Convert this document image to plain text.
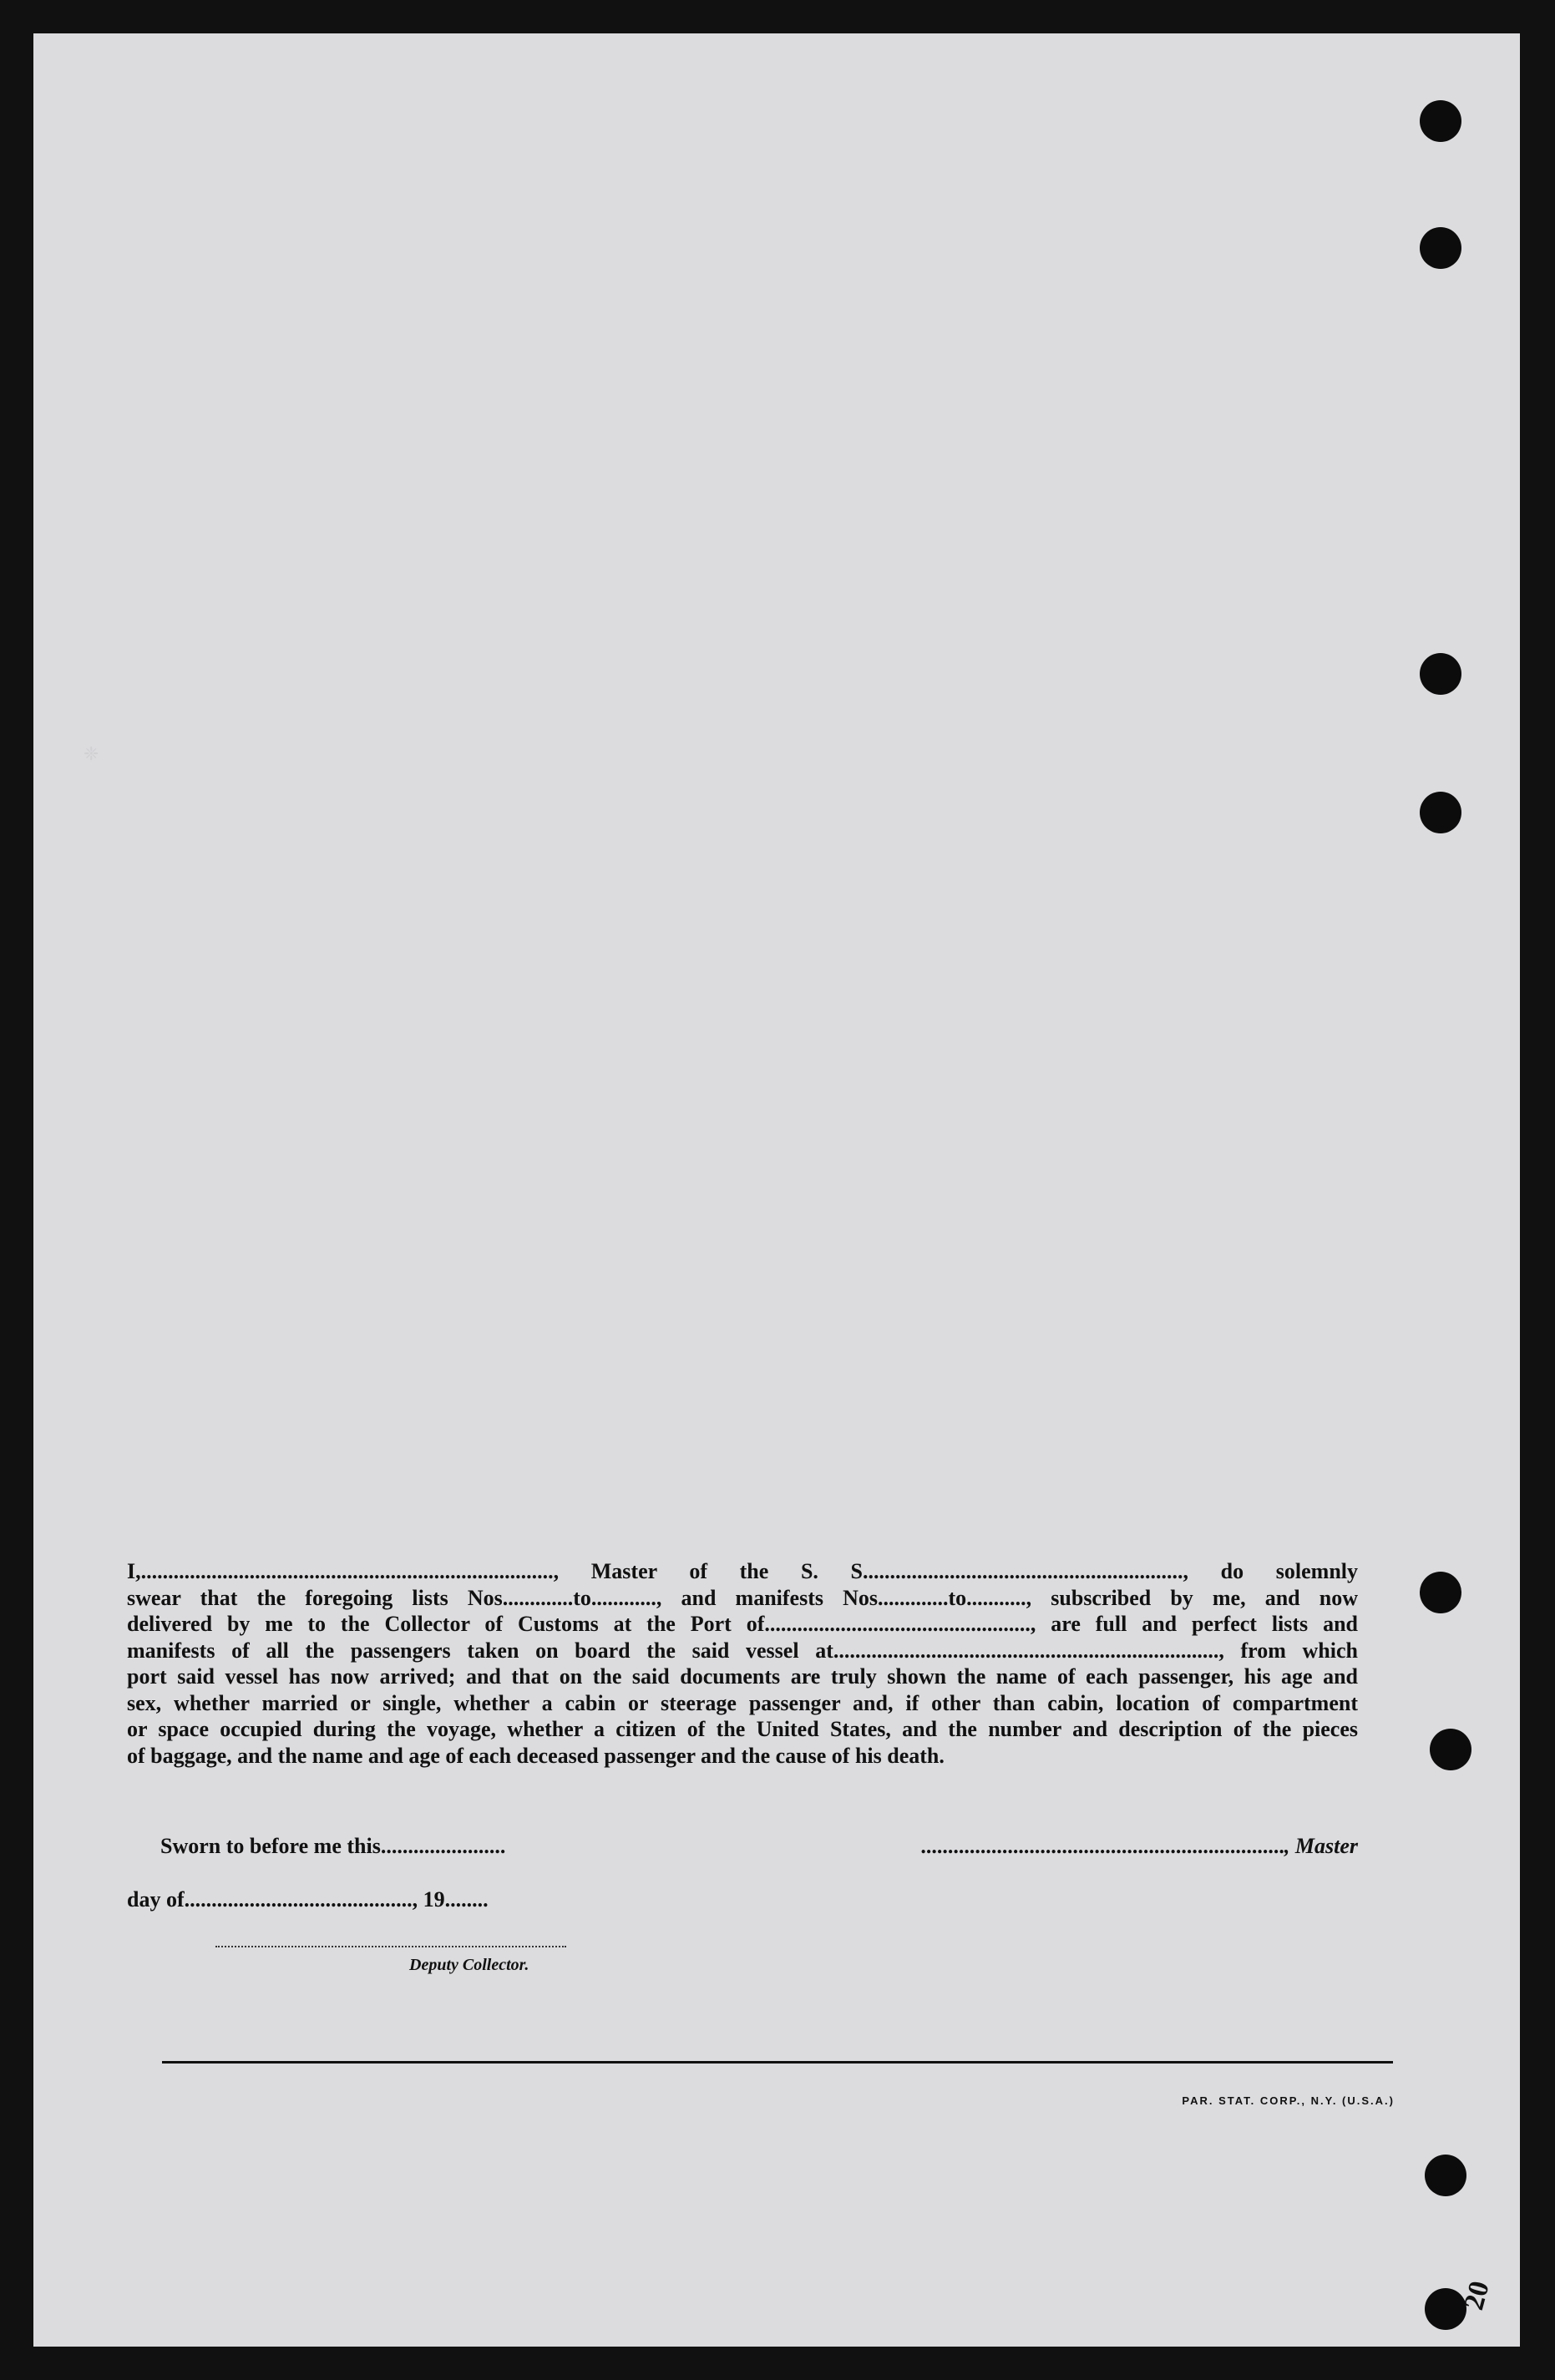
❈
I,............................................................................, Master of the S. S..........................................................., do solemnly
swear that the foregoing lists Nos.............to............, and manifests Nos.............to..........., subscribed by me, and now
delivered by me to the Collector of Customs at the Port of................................................., are full and perfect lists and
manifests of all the passengers taken on board the said vessel at......................................................................., from which
port said vessel has now arrived; and that on the said documents are truly shown the name of each passenger, his age and
sex, whether married or single, whether a cabin or steerage passenger and, if other than cabin, location of compartment
or space occupied during the voyage, whether a citizen of the United States, and the number and description of the pieces
of baggage, and the name and age of each deceased passenger and the cause of his death.
Sworn to before me this.......................	..................................................................., Master
day of.........................................., 19........
Deputy Collector.
PAR. STAT. CORP., N.Y. (U.S.A.)
20
